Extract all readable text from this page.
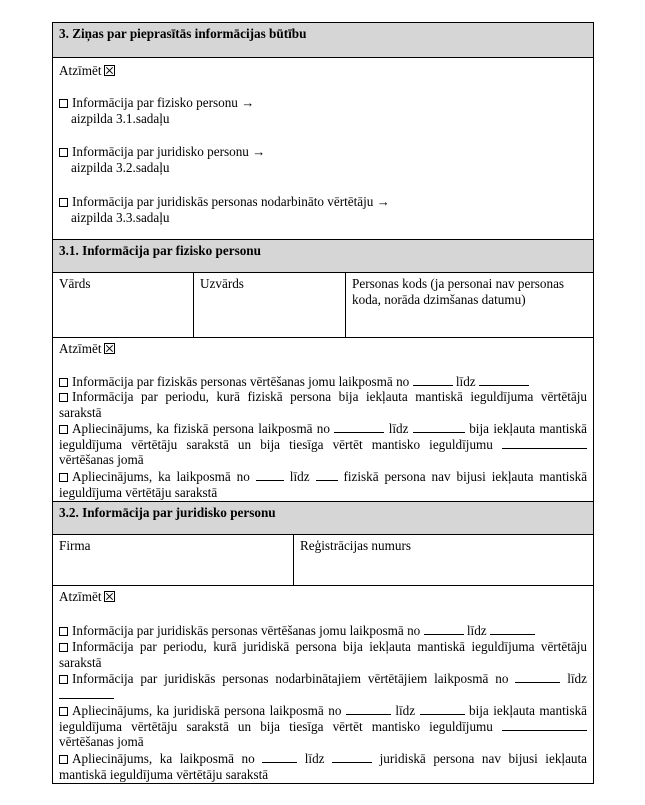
3. Ziņas par pieprasītās informācijas būtību
Atzīmēt
Informācija par fizisko personu →
aizpilda 3.1.sadaļu
Informācija par juridisko personu →
aizpilda 3.2.sadaļu
Informācija par juridiskās personas nodarbināto vērtētāju →
aizpilda 3.3.sadaļu
3.1. Informācija par fizisko personu
Vārds	Uzvārds	Personas kods (ja personai nav personas koda, norāda dzimšanas datumu)
Atzīmēt
Informācija par fiziskās personas vērtēšanas jomu laikposmā no	līdz
Informācija par periodu, kurā fiziskā persona bija iekļauta mantiskā ieguldījuma vērtētāju sarakstā
Apliecinājums, ka fiziskā persona laikposmā no	līdz	bija iekļauta mantiskā ieguldījuma vērtētāju sarakstā un bija tiesīga vērtēt mantisko ieguldījumu  vērtēšanas jomā
Apliecinājums, ka laikposmā no	līdz	fiziskā persona nav bijusi iekļauta mantiskā ieguldījuma vērtētāju sarakstā
3.2. Informācija par juridisko personu
Firma	Reģistrācijas numurs
Atzīmēt
Informācija par juridiskās personas vērtēšanas jomu laikposmā no	līdz
Informācija par periodu, kurā juridiskā persona bija iekļauta mantiskā ieguldījuma vērtētāju sarakstā
Informācija par juridiskās personas nodarbinātajiem vērtētājiem laikposmā no	līdz
Apliecinājums, ka juridiskā persona laikposmā no	līdz	bija iekļauta mantiskā ieguldījuma vērtētāju sarakstā un bija tiesīga vērtēt mantisko ieguldījumu  vērtēšanas jomā
Apliecinājums, ka laikposmā no	līdz	juridiskā persona nav bijusi iekļauta mantiskā ieguldījuma vērtētāju sarakstā
